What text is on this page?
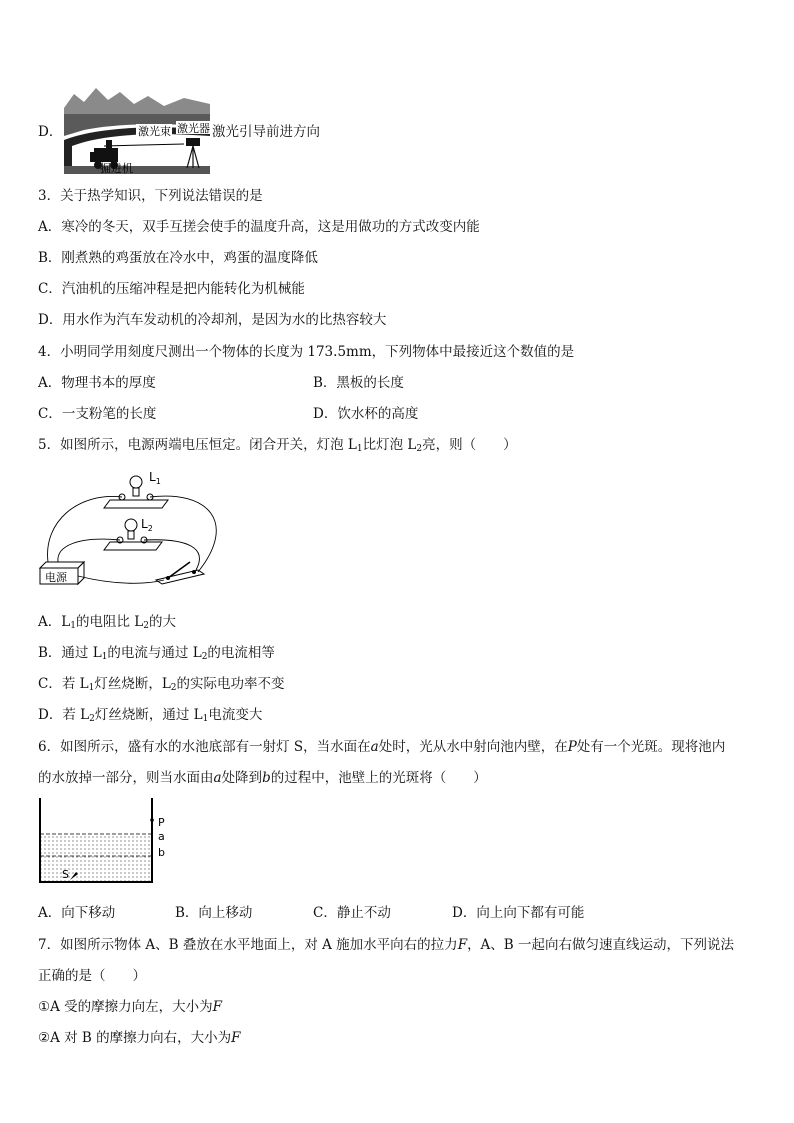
D．	激光束 激光器
掘进机
激光引导前进方向
3．关于热学知识，下列说法错误的是
A．寒冷的冬天，双手互搓会使手的温度升高，这是用做功的方式改变内能
B．刚煮熟的鸡蛋放在冷水中，鸡蛋的温度降低
C．汽油机的压缩冲程是把内能转化为机械能
D．用水作为汽车发动机的冷却剂，是因为水的比热容较大
4．小明同学用刻度尺测出一个物体的长度为 173.5mm，下列物体中最接近这个数值的是
A．物理书本的厚度	B．黑板的长度
C．一支粉笔的长度	D．饮水杯的高度
5．如图所示，电源两端电压恒定。闭合开关，灯泡 $L_1$比灯泡 $L_2$亮，则（　　）
$L_1$
$L_2$
电源
A．$L_1$的电阻比 $L_2$的大
B．通过 $L_1$的电流与通过 $L_2$的电流相等
C．若 $L_1$灯丝烧断，$L_2$的实际电功率不变
D．若 $L_2$灯丝烧断，通过 $L_1$电流变大
6．如图所示，盛有水的水池底部有一射灯 S，当水面在a处时，光从水中射向池内壁，在P处有一个光斑。现将池内
的水放掉一部分，则当水面由a处降到b的过程中，池壁上的光斑将（　　）
P
a
b
S
A．向下移动	B．向上移动	C．静止不动	D．向上向下都有可能
7．如图所示物体 A、B 叠放在水平地面上，对 A 施加水平向右的拉力F，A、B 一起向右做匀速直线运动，下列说法
正确的是（　　）
①A 受的摩擦力向左，大小为F
②A 对 B 的摩擦力向右，大小为F
